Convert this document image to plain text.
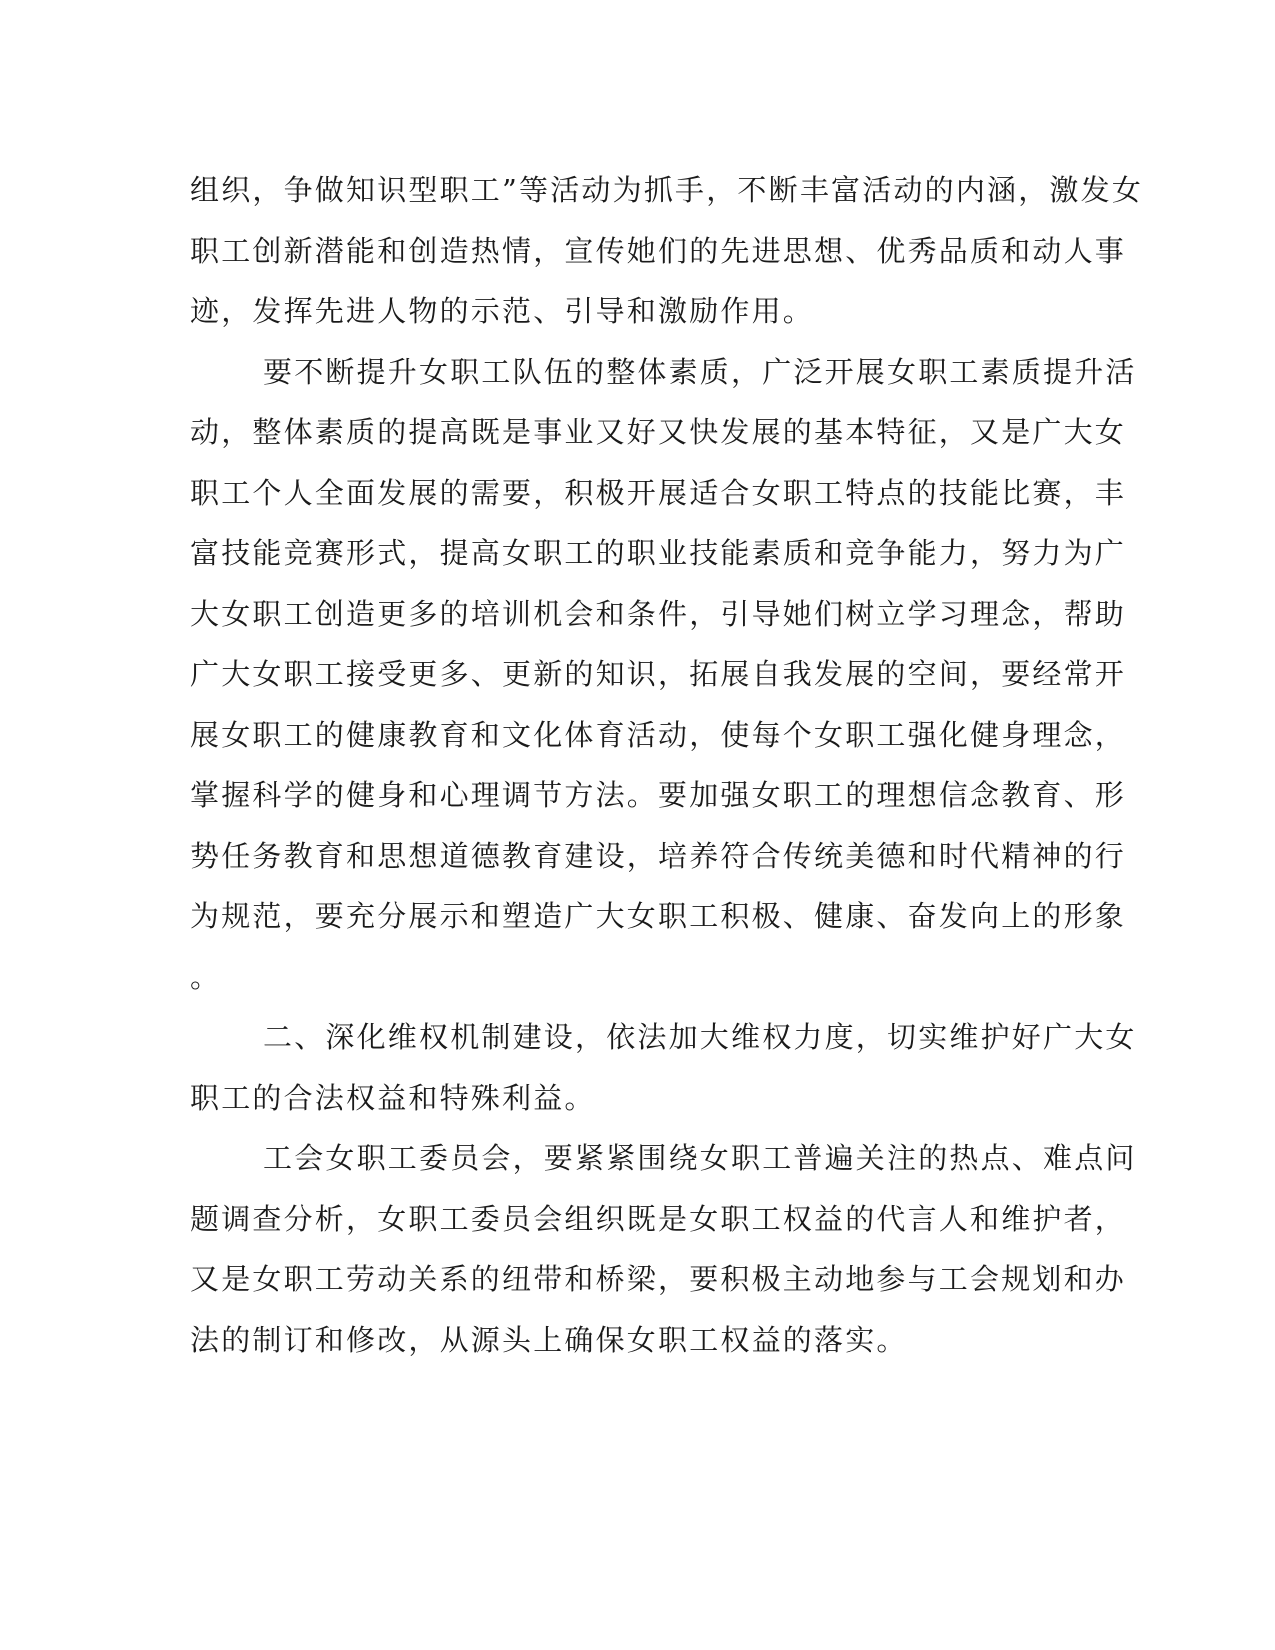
组织，争做知识型职工”等活动为抓手，不断丰富活动的内涵，激发女
职工创新潜能和创造热情，宣传她们的先进思想、优秀品质和动人事
迹，发挥先进人物的示范、引导和激励作用。
要不断提升女职工队伍的整体素质，广泛开展女职工素质提升活
动，整体素质的提高既是事业又好又快发展的基本特征，又是广大女
职工个人全面发展的需要，积极开展适合女职工特点的技能比赛，丰
富技能竞赛形式，提高女职工的职业技能素质和竞争能力，努力为广
大女职工创造更多的培训机会和条件，引导她们树立学习理念，帮助
广大女职工接受更多、更新的知识，拓展自我发展的空间，要经常开
展女职工的健康教育和文化体育活动，使每个女职工强化健身理念，
掌握科学的健身和心理调节方法。要加强女职工的理想信念教育、形
势任务教育和思想道德教育建设，培养符合传统美德和时代精神的行
为规范，要充分展示和塑造广大女职工积极、健康、奋发向上的形象
。
二、深化维权机制建设，依法加大维权力度，切实维护好广大女
职工的合法权益和特殊利益。
工会女职工委员会，要紧紧围绕女职工普遍关注的热点、难点问
题调查分析，女职工委员会组织既是女职工权益的代言人和维护者，
又是女职工劳动关系的纽带和桥梁，要积极主动地参与工会规划和办
法的制订和修改，从源头上确保女职工权益的落实。
